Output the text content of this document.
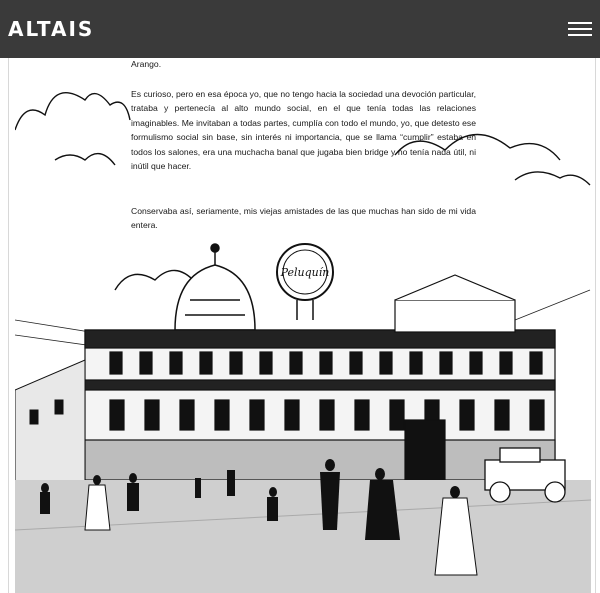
ALTAIS

Arango.

Es curioso, pero en esa época yo, que no tengo hacia la sociedad una devoción particular, trataba y pertenecía al alto mundo social, en el que tenía todas las relaciones imaginables. Me invitaban a todas partes, cumplía con todo el mundo, yo, que detesto ese formulismo social sin base, sin interés ni importancia, que se llama “cumplir” estaba en todos los salones, era una muchacha banal que jugaba bien bridge y no tenía nada útil, ni inútil que hacer.

Conservaba así, seriamente, mis viejas amistades de las que muchas han sido de mi vida entera.

Peluquín
